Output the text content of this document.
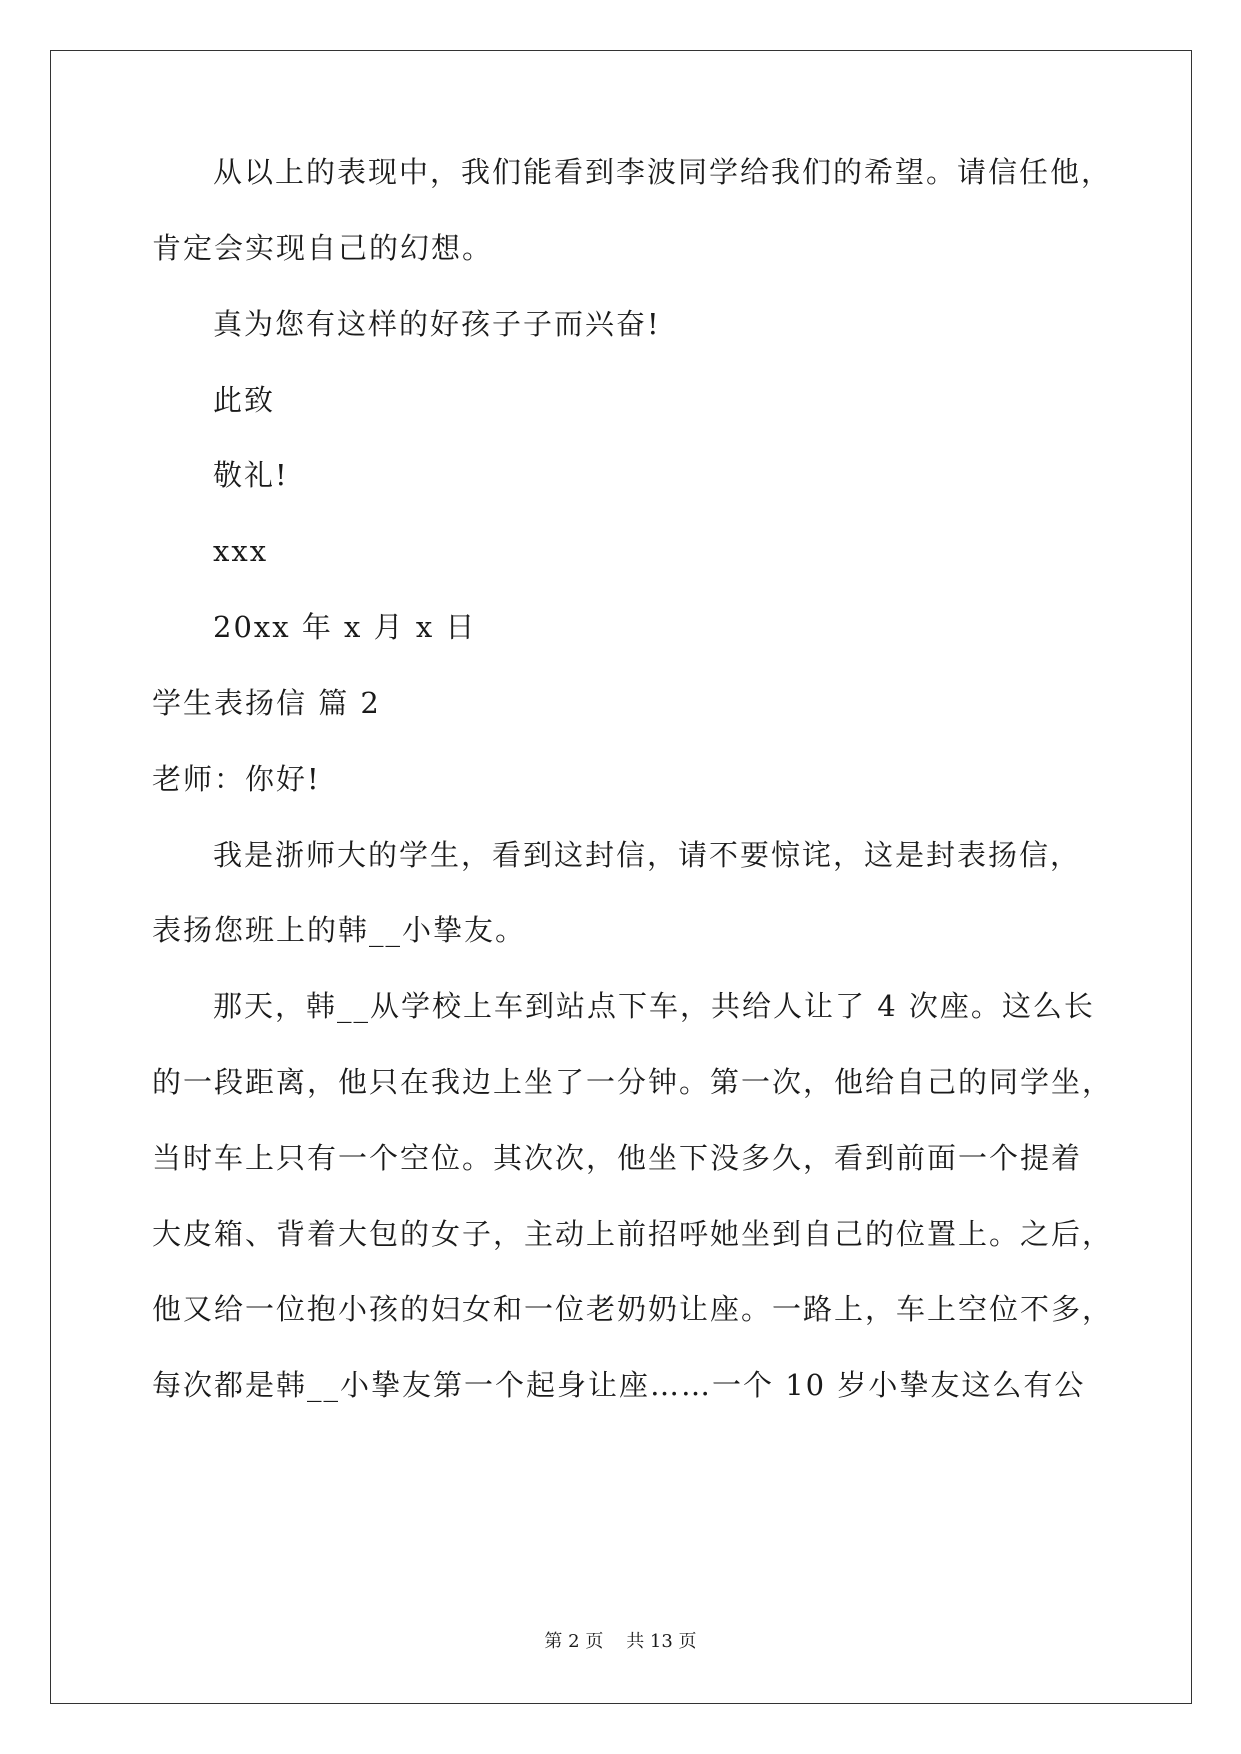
从以上的表现中，我们能看到李波同学给我们的希望。请信任他，
肯定会实现自己的幻想。
真为您有这样的好孩子子而兴奋!
此致
敬礼!
xxx
20xx 年 x 月 x 日
学生表扬信 篇 2
老师：你好!
我是浙师大的学生，看到这封信，请不要惊诧，这是封表扬信，
表扬您班上的韩__小挚友。
那天，韩__从学校上车到站点下车，共给人让了 4 次座。这么长
的一段距离，他只在我边上坐了一分钟。第一次，他给自己的同学坐，
当时车上只有一个空位。其次次，他坐下没多久，看到前面一个提着
大皮箱、背着大包的女子，主动上前招呼她坐到自己的位置上。之后，
他又给一位抱小孩的妇女和一位老奶奶让座。一路上，车上空位不多，
每次都是韩__小挚友第一个起身让座……一个 10 岁小挚友这么有公
第 2 页    共 13 页
